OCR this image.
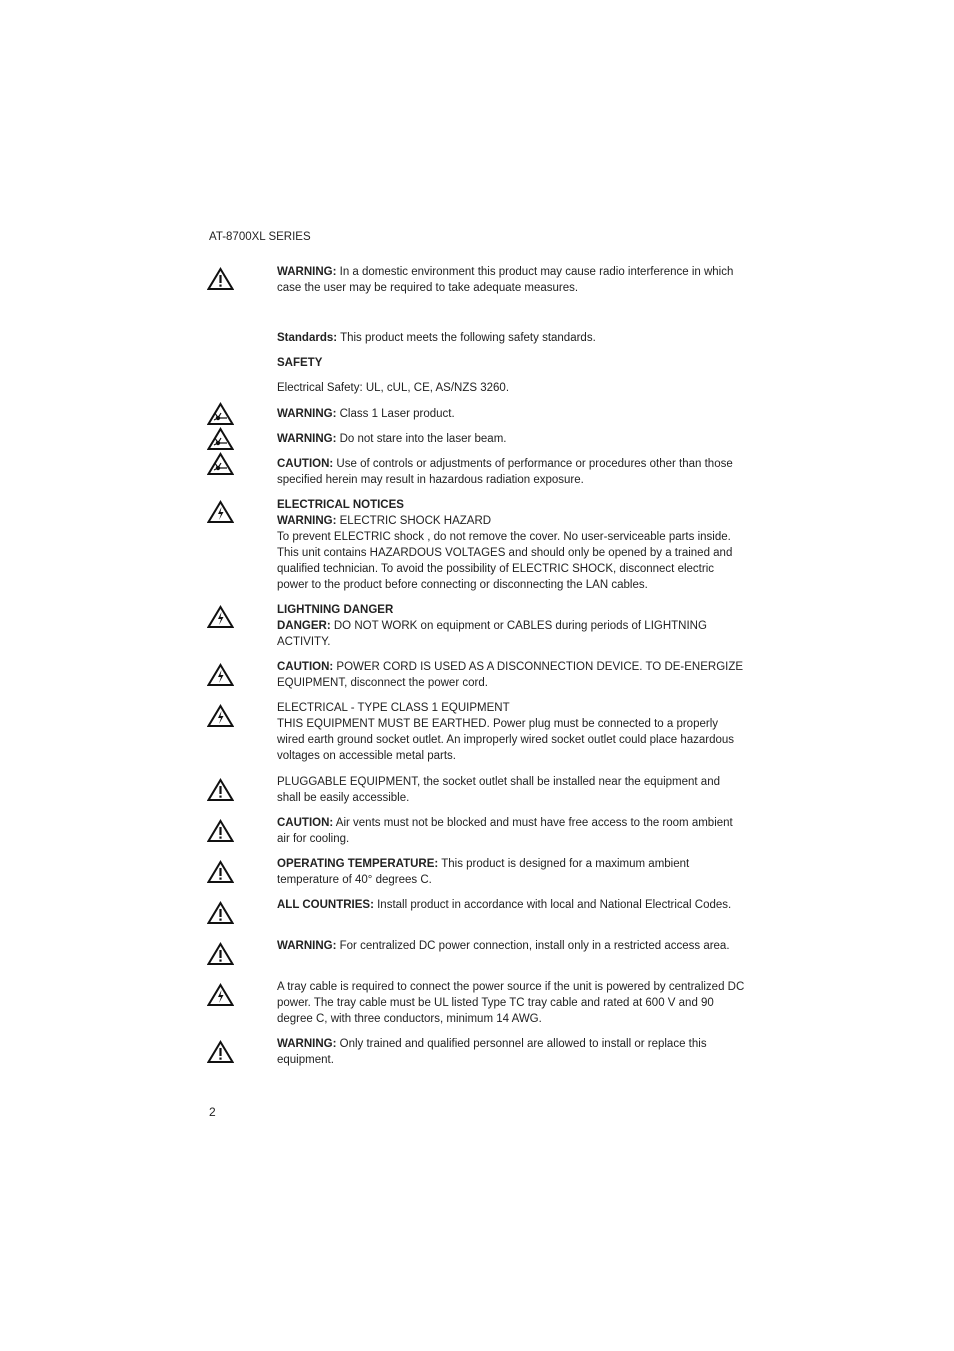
AT-8700XL SERIES
WARNING: In a domestic environment this product may cause radio interference in which case the user may be required to take adequate measures.
Standards: This product meets the following safety standards.
SAFETY
Electrical Safety: UL, cUL, CE, AS/NZS 3260.
WARNING: Class 1 Laser product.
WARNING: Do not stare into the laser beam.
CAUTION: Use of controls or adjustments of performance or procedures other than those specified herein may result in hazardous radiation exposure.
ELECTRICAL NOTICES
WARNING: ELECTRIC SHOCK HAZARD
To prevent ELECTRIC shock , do not remove the cover. No user-serviceable parts inside. This unit contains HAZARDOUS VOLTAGES and should only be opened by a trained and qualified technician. To avoid the possibility of ELECTRIC SHOCK, disconnect electric power to the product before connecting or disconnecting the LAN cables.
LIGHTNING DANGER
DANGER: DO NOT WORK on equipment or CABLES during periods of LIGHTNING ACTIVITY.
CAUTION: POWER CORD IS USED AS A DISCONNECTION DEVICE. TO DE-ENERGIZE EQUIPMENT, disconnect the power cord.
ELECTRICAL - TYPE CLASS 1 EQUIPMENT
THIS EQUIPMENT MUST BE EARTHED. Power plug must be connected to a properly wired earth ground socket outlet. An improperly wired socket outlet could place hazardous voltages on accessible metal parts.
PLUGGABLE EQUIPMENT, the socket outlet shall be installed near the equipment and shall be easily accessible.
CAUTION: Air vents must not be blocked and must have free access to the room ambient air for cooling.
OPERATING TEMPERATURE: This product is designed for a maximum ambient temperature of 40° degrees C.
ALL COUNTRIES: Install product in accordance with local and National Electrical Codes.
WARNING: For centralized DC power connection, install only in a restricted access area.
A tray cable is required to connect the power source if the unit is powered by centralized DC power. The tray cable must be UL listed Type TC tray cable and rated at 600 V and 90 degree C, with three conductors, minimum 14 AWG.
WARNING: Only trained and qualified personnel are allowed to install or replace this equipment.
2
